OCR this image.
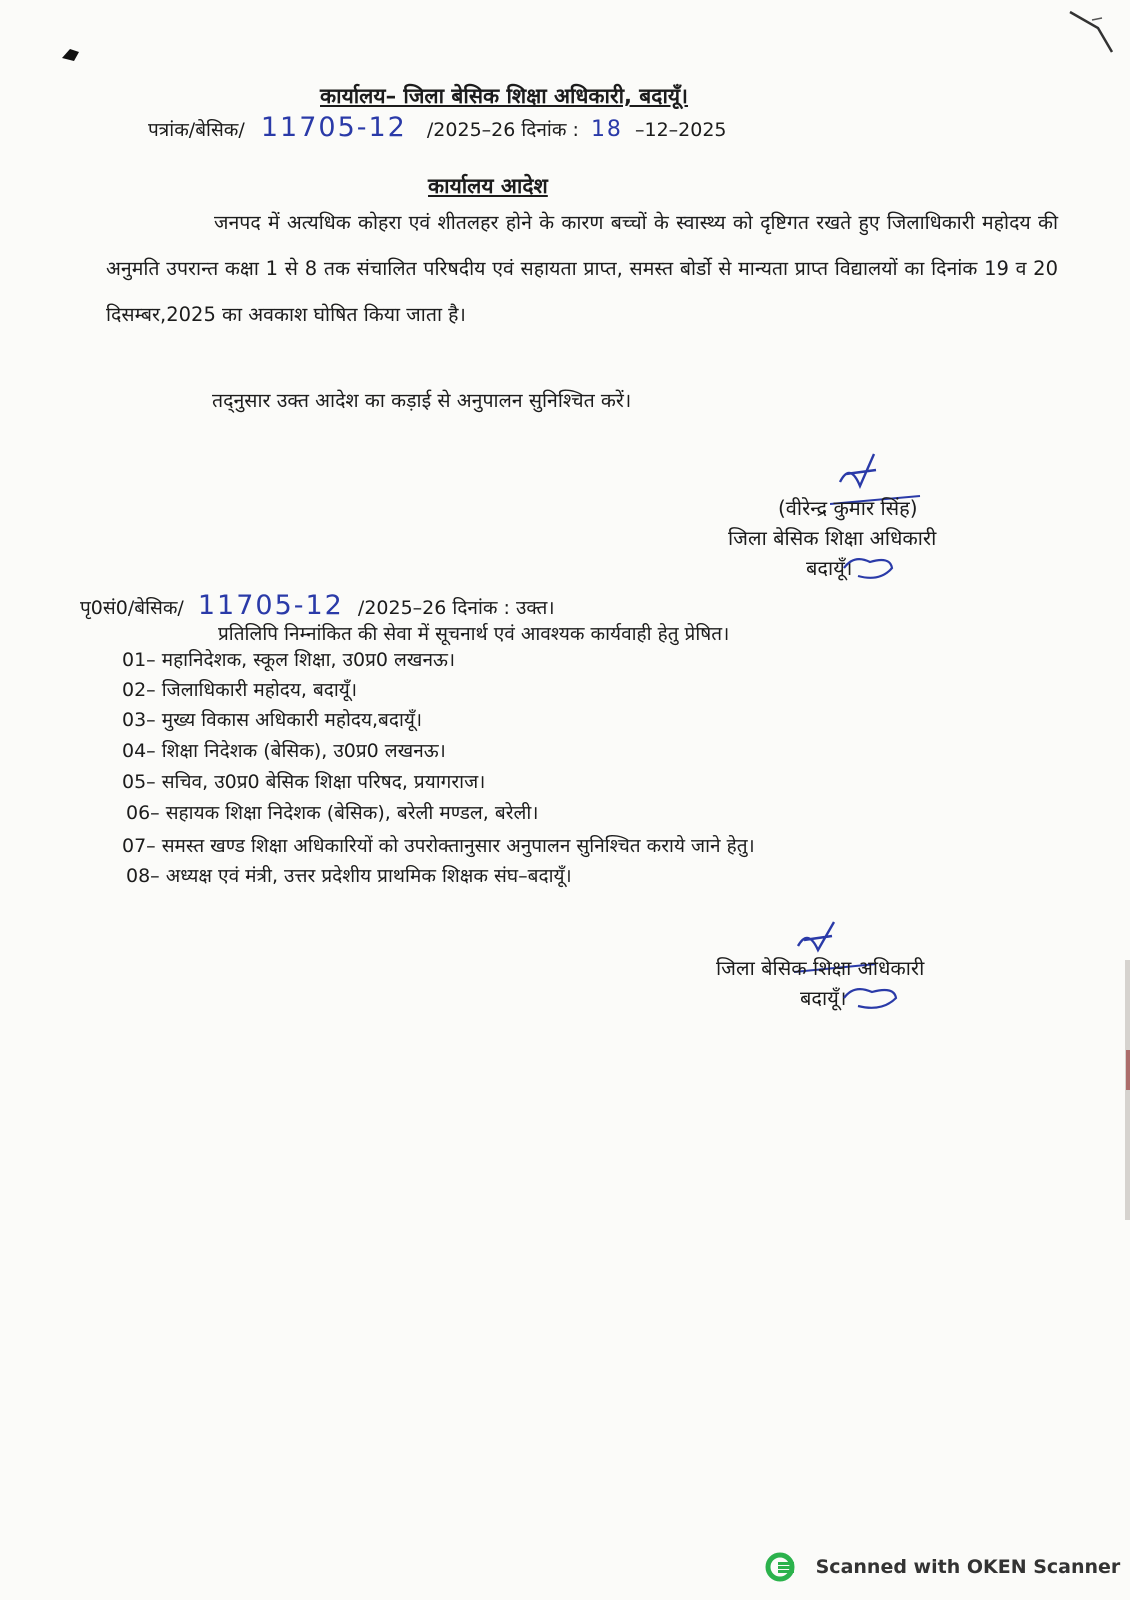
कार्यालय– जिला बेसिक शिक्षा अधिकारी, बदायूँ।
पत्रांक/बेसिक/ 11705-12 /2025–26 दिनांक : 18 –12–2025
कार्यालय आदेश
जनपद में अत्यधिक कोहरा एवं शीतलहर होने के कारण बच्चों के स्वास्थ्य को दृष्टिगत रखते हुए जिलाधिकारी महोदय की अनुमति उपरान्त कक्षा 1 से 8 तक संचालित परिषदीय एवं सहायता प्राप्त, समस्त बोर्डो से मान्यता प्राप्त विद्यालयों का दिनांक 19 व 20 दिसम्बर,2025 का अवकाश घोषित किया जाता है।
तद्नुसार उक्त आदेश का कड़ाई से अनुपालन सुनिश्चित करें।
(वीरेन्द्र कुमार सिंह)
जिला बेसिक शिक्षा अधिकारी
बदायूँ।
पृ0सं0/बेसिक/ 11705-12 /2025–26 दिनांक : उक्त।
प्रतिलिपि निम्नांकित की सेवा में सूचनार्थ एवं आवश्यक कार्यवाही हेतु प्रेषित।
01– महानिदेशक, स्कूल शिक्षा, उ0प्र0 लखनऊ।
02– जिलाधिकारी महोदय, बदायूँ।
03– मुख्य विकास अधिकारी महोदय,बदायूँ।
04– शिक्षा निदेशक (बेसिक), उ0प्र0 लखनऊ।
05– सचिव, उ0प्र0 बेसिक शिक्षा परिषद, प्रयागराज।
06– सहायक शिक्षा निदेशक (बेसिक), बरेली मण्डल, बरेली।
07– समस्त खण्ड शिक्षा अधिकारियों को उपरोक्तानुसार अनुपालन सुनिश्चित कराये जाने हेतु।
08– अध्यक्ष एवं मंत्री, उत्तर प्रदेशीय प्राथमिक शिक्षक संघ–बदायूँ।
जिला बेसिक शिक्षा अधिकारी
बदायूँ।
Scanned with OKEN Scanner
